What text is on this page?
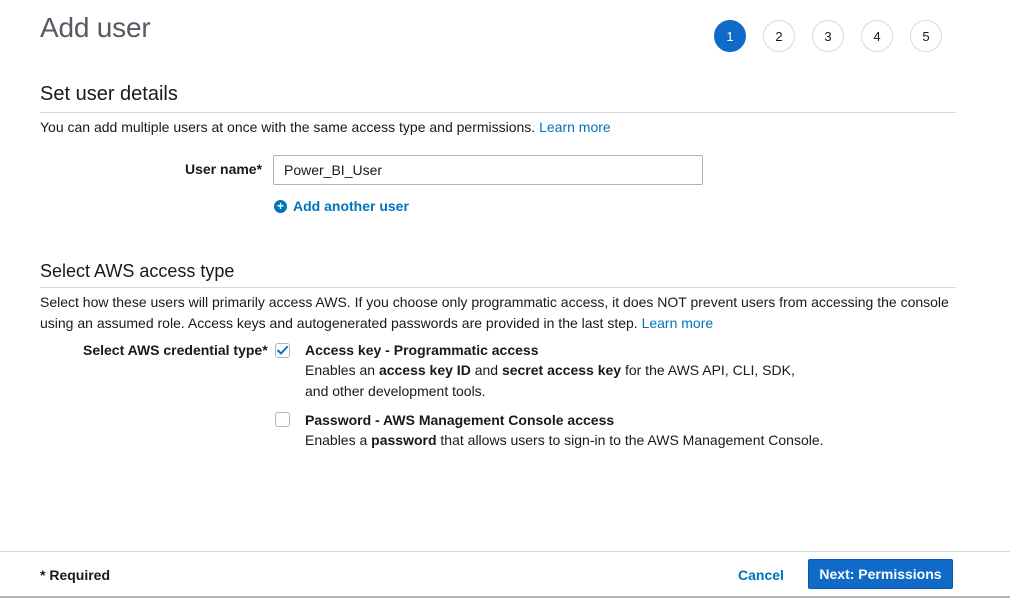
Add user	1	2	3	4	5
Set user details
You can add multiple users at once with the same access type and permissions. Learn more
User name*
Power_BI_User
+ Add another user
Select AWS access type
Select how these users will primarily access AWS. If you choose only programmatic access, it does NOT prevent users from accessing the console using an assumed role. Access keys and autogenerated passwords are provided in the last step. Learn more
Select AWS credential type*	Access key - Programmatic access
Enables an access key ID and secret access key for the AWS API, CLI, SDK, and other development tools.
Password - AWS Management Console access
Enables a password that allows users to sign-in to the AWS Management Console.
* Required	Cancel	Next: Permissions
